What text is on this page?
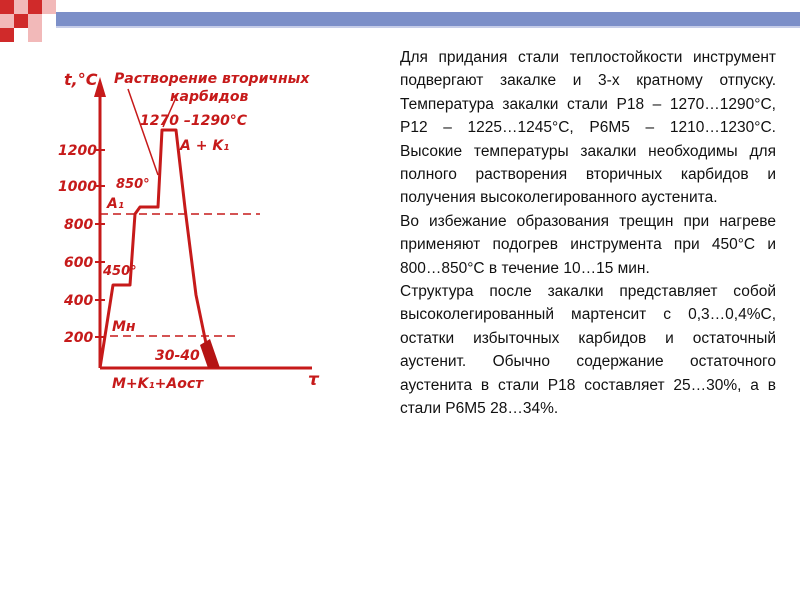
1200
1000
800
600
400
200
t,°C
τ
Растворение вторичных
карбидов
1270 –1290°C
A + K₁
850°
A₁
450°
Mн
30-40
M+K₁+Aост

Для придания стали теплостойкости инструмент подвергают закалке и 3-х кратному отпуску. Температура закалки стали Р18 – 1270…1290°С, Р12 – 1225…1245°С, Р6М5 – 1210…1230°С. Высокие температуры закалки необходимы для полного растворения вторичных карбидов и получения высоколегированного аустенита.

Во избежание образования трещин при нагреве применяют подогрев инструмента при 450°С и 800…850°С в течение 10…15 мин.

Структура после закалки представляет собой высоколегированный мартенсит с 0,3…0,4%С, остатки избыточных карбидов и остаточный аустенит. Обычно содержание остаточного аустенита в стали Р18 составляет 25…30%, а в стали Р6М5 28…34%.
